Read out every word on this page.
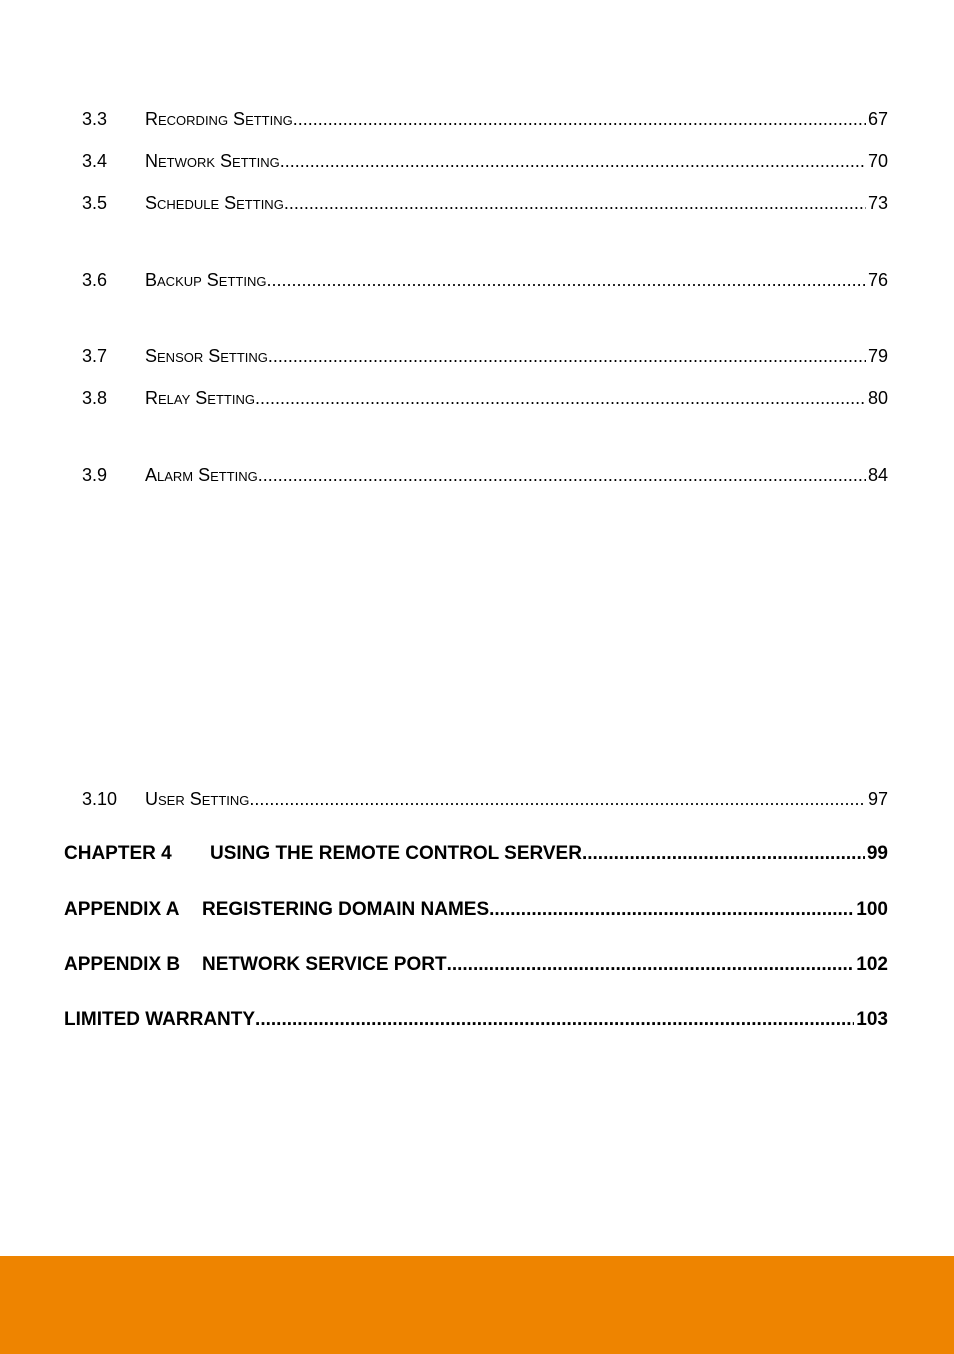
3.3	Recording Setting .....	67
3.4	Network Setting .....	70
3.5	Schedule Setting .....	73
3.6	Backup Setting .....	76
3.7	Sensor Setting .....	79
3.8	Relay Setting .....	80
3.9	Alarm Setting .....	84
3.10	User Setting .....	97
CHAPTER 4	USING THE REMOTE CONTROL SERVER .....	99
APPENDIX A	REGISTERING DOMAIN NAMES .....	100
APPENDIX B	NETWORK SERVICE PORT .....	102
LIMITED WARRANTY .....	103
